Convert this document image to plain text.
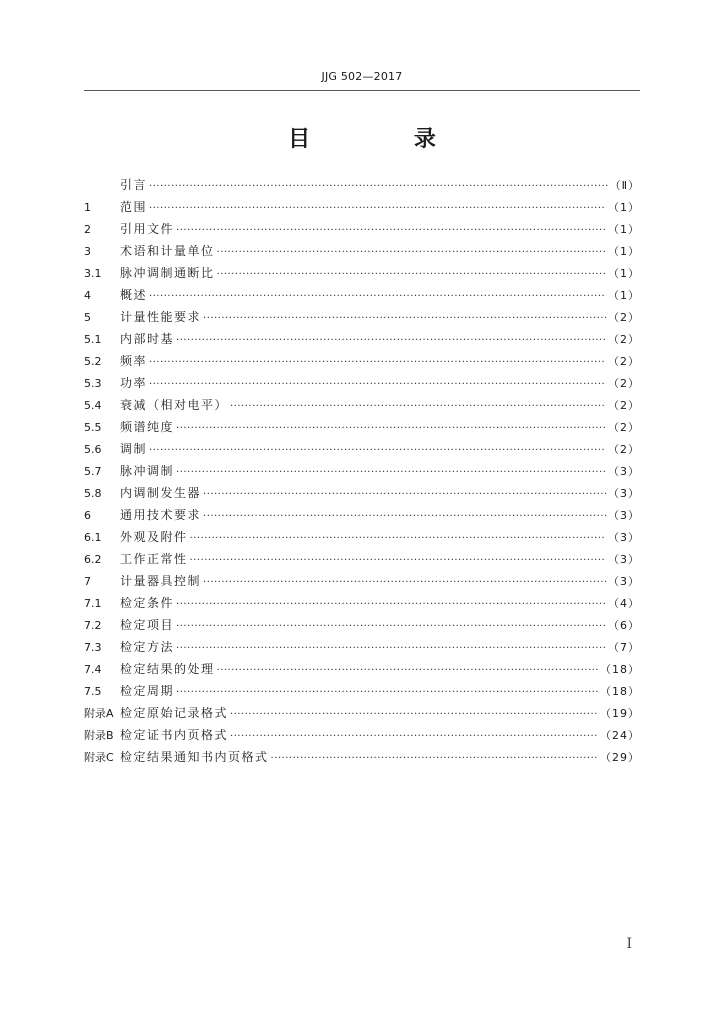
JJG 502—2017
目 录
引言 ·····	（Ⅱ）
1	范围 ·····	（1）
2	引用文件 ·····	（1）
3	术语和计量单位 ·····	（1）
3.1	脉冲调制通断比 ·····	（1）
4	概述 ·····	（1）
5	计量性能要求 ·····	（2）
5.1	内部时基 ·····	（2）
5.2	频率 ·····	（2）
5.3	功率 ·····	（2）
5.4	衰减（相对电平） ·····	（2）
5.5	频谱纯度 ·····	（2）
5.6	调制 ·····	（2）
5.7	脉冲调制 ·····	（3）
5.8	内调制发生器 ·····	（3）
6	通用技术要求 ·····	（3）
6.1	外观及附件 ·····	（3）
6.2	工作正常性 ·····	（3）
7	计量器具控制 ·····	（3）
7.1	检定条件 ·····	（4）
7.2	检定项目 ·····	（6）
7.3	检定方法 ·····	（7）
7.4	检定结果的处理 ·····	（18）
7.5	检定周期 ·····	（18）
附录A 检定原始记录格式 ·····	（19）
附录B 检定证书内页格式 ·····	（24）
附录C 检定结果通知书内页格式 ·····	（29）
Ⅰ
